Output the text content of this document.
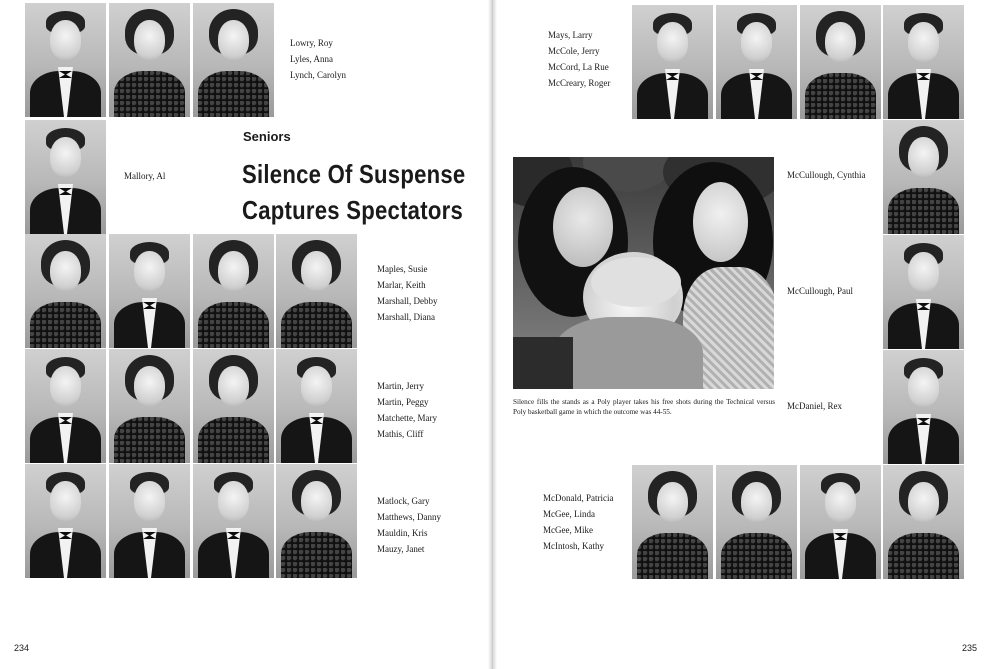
Lowry, Roy
Lyles, Anna
Lynch, Carolyn
Mallory, Al
Maples, Susie
Marlar, Keith
Marshall, Debby
Marshall, Diana
Martin, Jerry
Martin, Peggy
Matchette, Mary
Mathis, Cliff
Matlock, Gary
Matthews, Danny
Mauldin, Kris
Mauzy, Janet
Seniors
Silence Of Suspense
Captures Spectators
234
Mays, Larry
McCole, Jerry
McCord, La Rue
McCreary, Roger
McCullough, Cynthia
McCullough, Paul
McDaniel, Rex
McDonald, Patricia
McGee, Linda
McGee, Mike
McIntosh, Kathy
Silence fills the stands as a Poly player takes his free shots during the Technical versus Poly basketball game in which the outcome was 44-55.
235
